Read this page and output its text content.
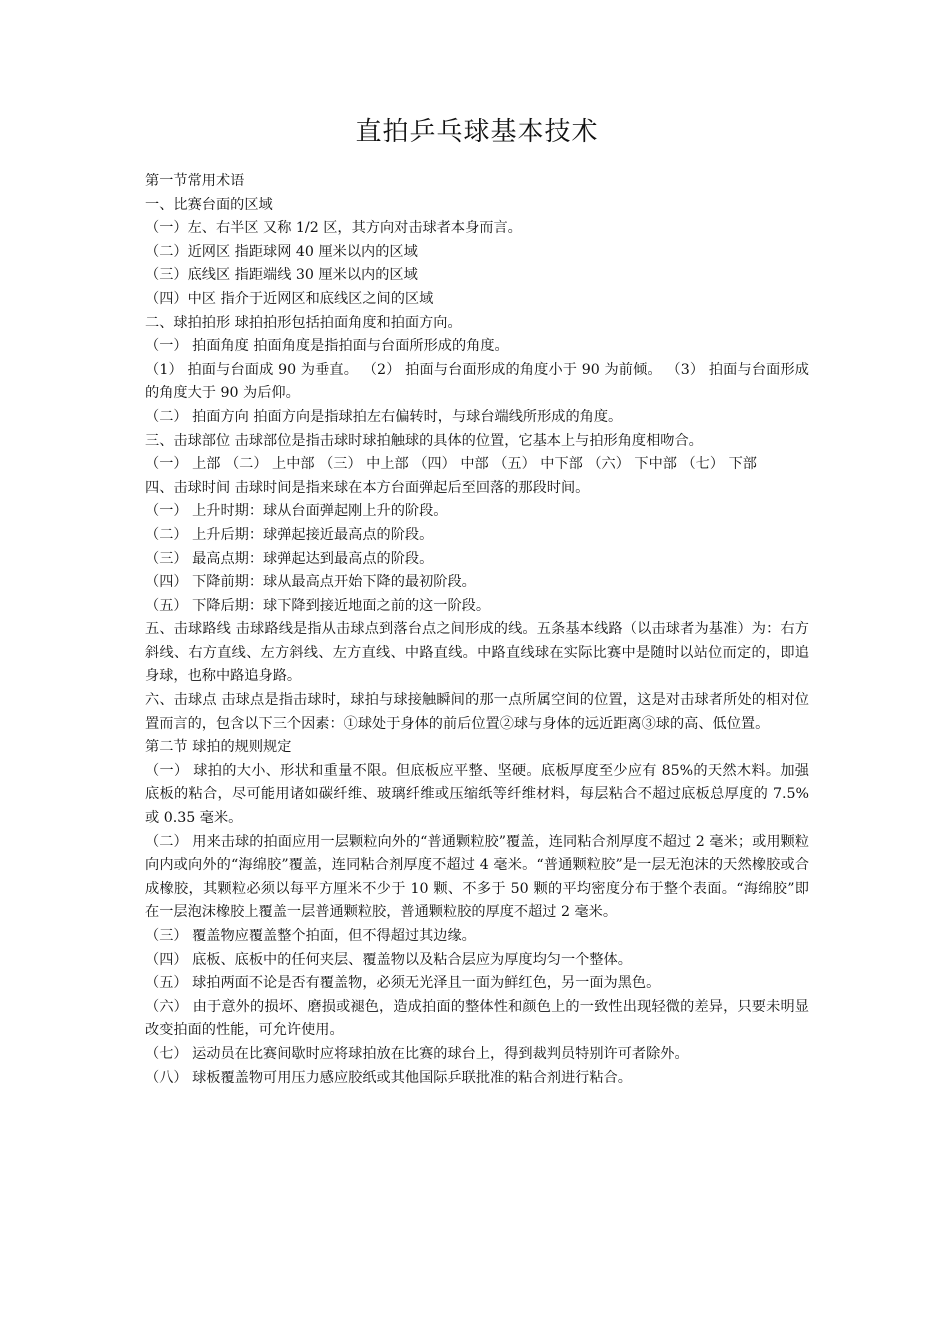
直拍乒乓球基本技术

第一节常用术语

一、比赛台面的区域

（一）左、右半区 又称 1/2 区，其方向对击球者本身而言。

（二）近网区 指距球网 40 厘米以内的区域

（三）底线区 指距端线 30 厘米以内的区域

（四）中区 指介于近网区和底线区之间的区域

二、球拍拍形 球拍拍形包括拍面角度和拍面方向。

（一） 拍面角度 拍面角度是指拍面与台面所形成的角度。

（1） 拍面与台面成 90 为垂直。 （2） 拍面与台面形成的角度小于 90 为前倾。 （3） 拍面与台面形成的角度大于 90 为后仰。

（二） 拍面方向 拍面方向是指球拍左右偏转时，与球台端线所形成的角度。

三、击球部位 击球部位是指击球时球拍触球的具体的位置，它基本上与拍形角度相吻合。

（一） 上部 （二） 上中部 （三） 中上部 （四） 中部 （五） 中下部 （六） 下中部 （七） 下部

四、击球时间 击球时间是指来球在本方台面弹起后至回落的那段时间。

（一） 上升时期：球从台面弹起刚上升的阶段。

（二） 上升后期：球弹起接近最高点的阶段。

（三） 最高点期：球弹起达到最高点的阶段。

（四） 下降前期：球从最高点开始下降的最初阶段。

（五） 下降后期：球下降到接近地面之前的这一阶段。

五、击球路线 击球路线是指从击球点到落台点之间形成的线。五条基本线路（以击球者为基准）为：右方斜线、右方直线、左方斜线、左方直线、中路直线。中路直线球在实际比赛中是随时以站位而定的，即追身球，也称中路追身路。

六、击球点 击球点是指击球时，球拍与球接触瞬间的那一点所属空间的位置，这是对击球者所处的相对位置而言的，包含以下三个因素：①球处于身体的前后位置②球与身体的远近距离③球的高、低位置。

第二节 球拍的规则规定

（一） 球拍的大小、形状和重量不限。但底板应平整、坚硬。底板厚度至少应有 85%的天然木料。加强底板的粘合，尽可能用诸如碳纤维、玻璃纤维或压缩纸等纤维材料，每层粘合不超过底板总厚度的 7.5%或 0.35 毫米。

（二） 用来击球的拍面应用一层颗粒向外的“普通颗粒胶”覆盖，连同粘合剂厚度不超过 2 毫米；或用颗粒向内或向外的“海绵胶”覆盖，连同粘合剂厚度不超过 4 毫米。“普通颗粒胶”是一层无泡沫的天然橡胶或合成橡胶，其颗粒必须以每平方厘米不少于 10 颗、不多于 50 颗的平均密度分布于整个表面。“海绵胶”即在一层泡沫橡胶上覆盖一层普通颗粒胶，普通颗粒胶的厚度不超过 2 毫米。

（三） 覆盖物应覆盖整个拍面，但不得超过其边缘。

（四） 底板、底板中的任何夹层、覆盖物以及粘合层应为厚度均匀一个整体。

（五） 球拍两面不论是否有覆盖物，必须无光泽且一面为鲜红色，另一面为黑色。

（六） 由于意外的损坏、磨损或褪色，造成拍面的整体性和颜色上的一致性出现轻微的差异，只要未明显改变拍面的性能，可允许使用。

（七） 运动员在比赛间歇时应将球拍放在比赛的球台上，得到裁判员特别许可者除外。

（八） 球板覆盖物可用压力感应胶纸或其他国际乒联批准的粘合剂进行粘合。
